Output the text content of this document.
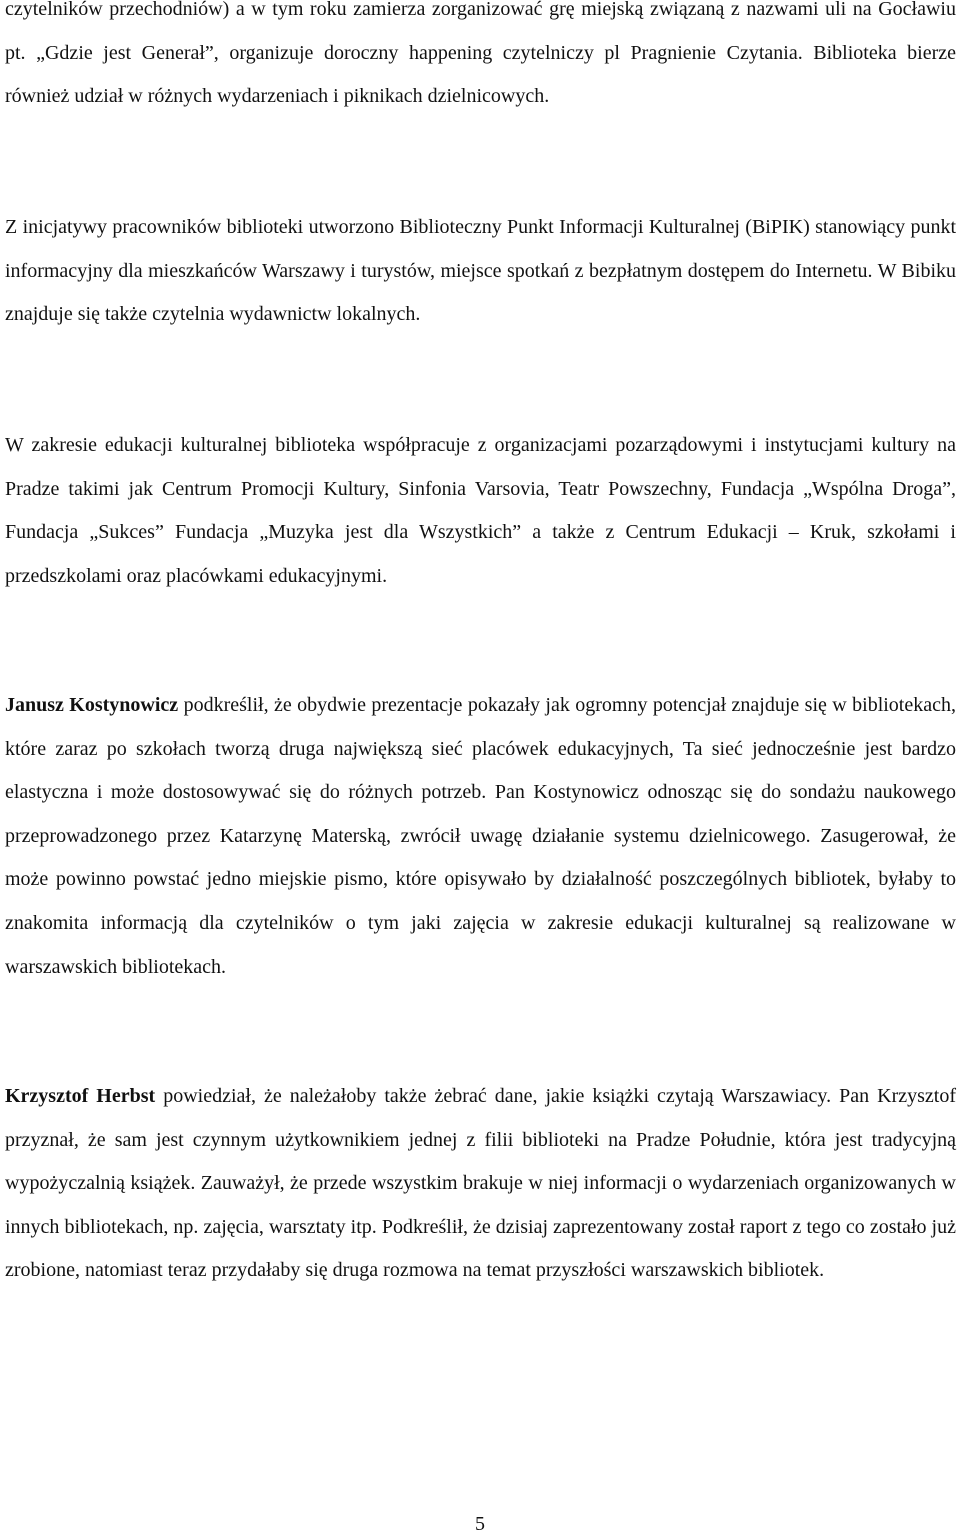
czytelników przechodniów) a w tym roku zamierza zorganizować grę miejską związaną z nazwami uli na Gocławiu pt. „Gdzie jest Generał”, organizuje doroczny happening czytelniczy pl Pragnienie Czytania. Biblioteka bierze również udział w różnych wydarzeniach i piknikach dzielnicowych.

Z inicjatywy pracowników biblioteki utworzono Biblioteczny Punkt Informacji Kulturalnej (BiPIK) stanowiący punkt informacyjny dla mieszkańców Warszawy i turystów, miejsce spotkań z bezpłatnym dostępem do Internetu. W Bibiku znajduje się także czytelnia wydawnictw lokalnych.

W zakresie edukacji kulturalnej biblioteka współpracuje z organizacjami pozarządowymi i instytucjami kultury na Pradze takimi jak Centrum Promocji Kultury, Sinfonia Varsovia, Teatr Powszechny, Fundacja „Wspólna Droga”, Fundacja „Sukces” Fundacja „Muzyka jest dla Wszystkich” a także z Centrum Edukacji – Kruk, szkołami i przedszkolami oraz placówkami edukacyjnymi.

Janusz Kostynowicz podkreślił, że obydwie prezentacje pokazały jak ogromny potencjał znajduje się w bibliotekach, które zaraz po szkołach tworzą druga największą sieć placówek edukacyjnych, Ta sieć jednocześnie jest bardzo elastyczna i może dostosowywać się do różnych potrzeb. Pan Kostynowicz odnosząc się do sondażu naukowego przeprowadzonego przez Katarzynę Materską, zwrócił uwagę działanie systemu dzielnicowego. Zasugerował, że może powinno powstać jedno miejskie pismo, które opisywało by działalność poszczególnych bibliotek, byłaby to znakomita informacją dla czytelników o tym jaki zajęcia w zakresie edukacji kulturalnej są realizowane w warszawskich bibliotekach.

Krzysztof Herbst powiedział, że należałoby także żebrać dane, jakie książki czytają Warszawiacy. Pan Krzysztof przyznał, że sam jest czynnym użytkownikiem jednej z filii biblioteki na Pradze Południe, która jest tradycyjną wypożyczalnią książek. Zauważył, że przede wszystkim brakuje w niej informacji o wydarzeniach organizowanych w innych bibliotekach, np. zajęcia, warsztaty itp. Podkreślił, że dzisiaj zaprezentowany został raport z tego co zostało już zrobione, natomiast teraz przydałaby się druga rozmowa na temat przyszłości warszawskich bibliotek.

5
